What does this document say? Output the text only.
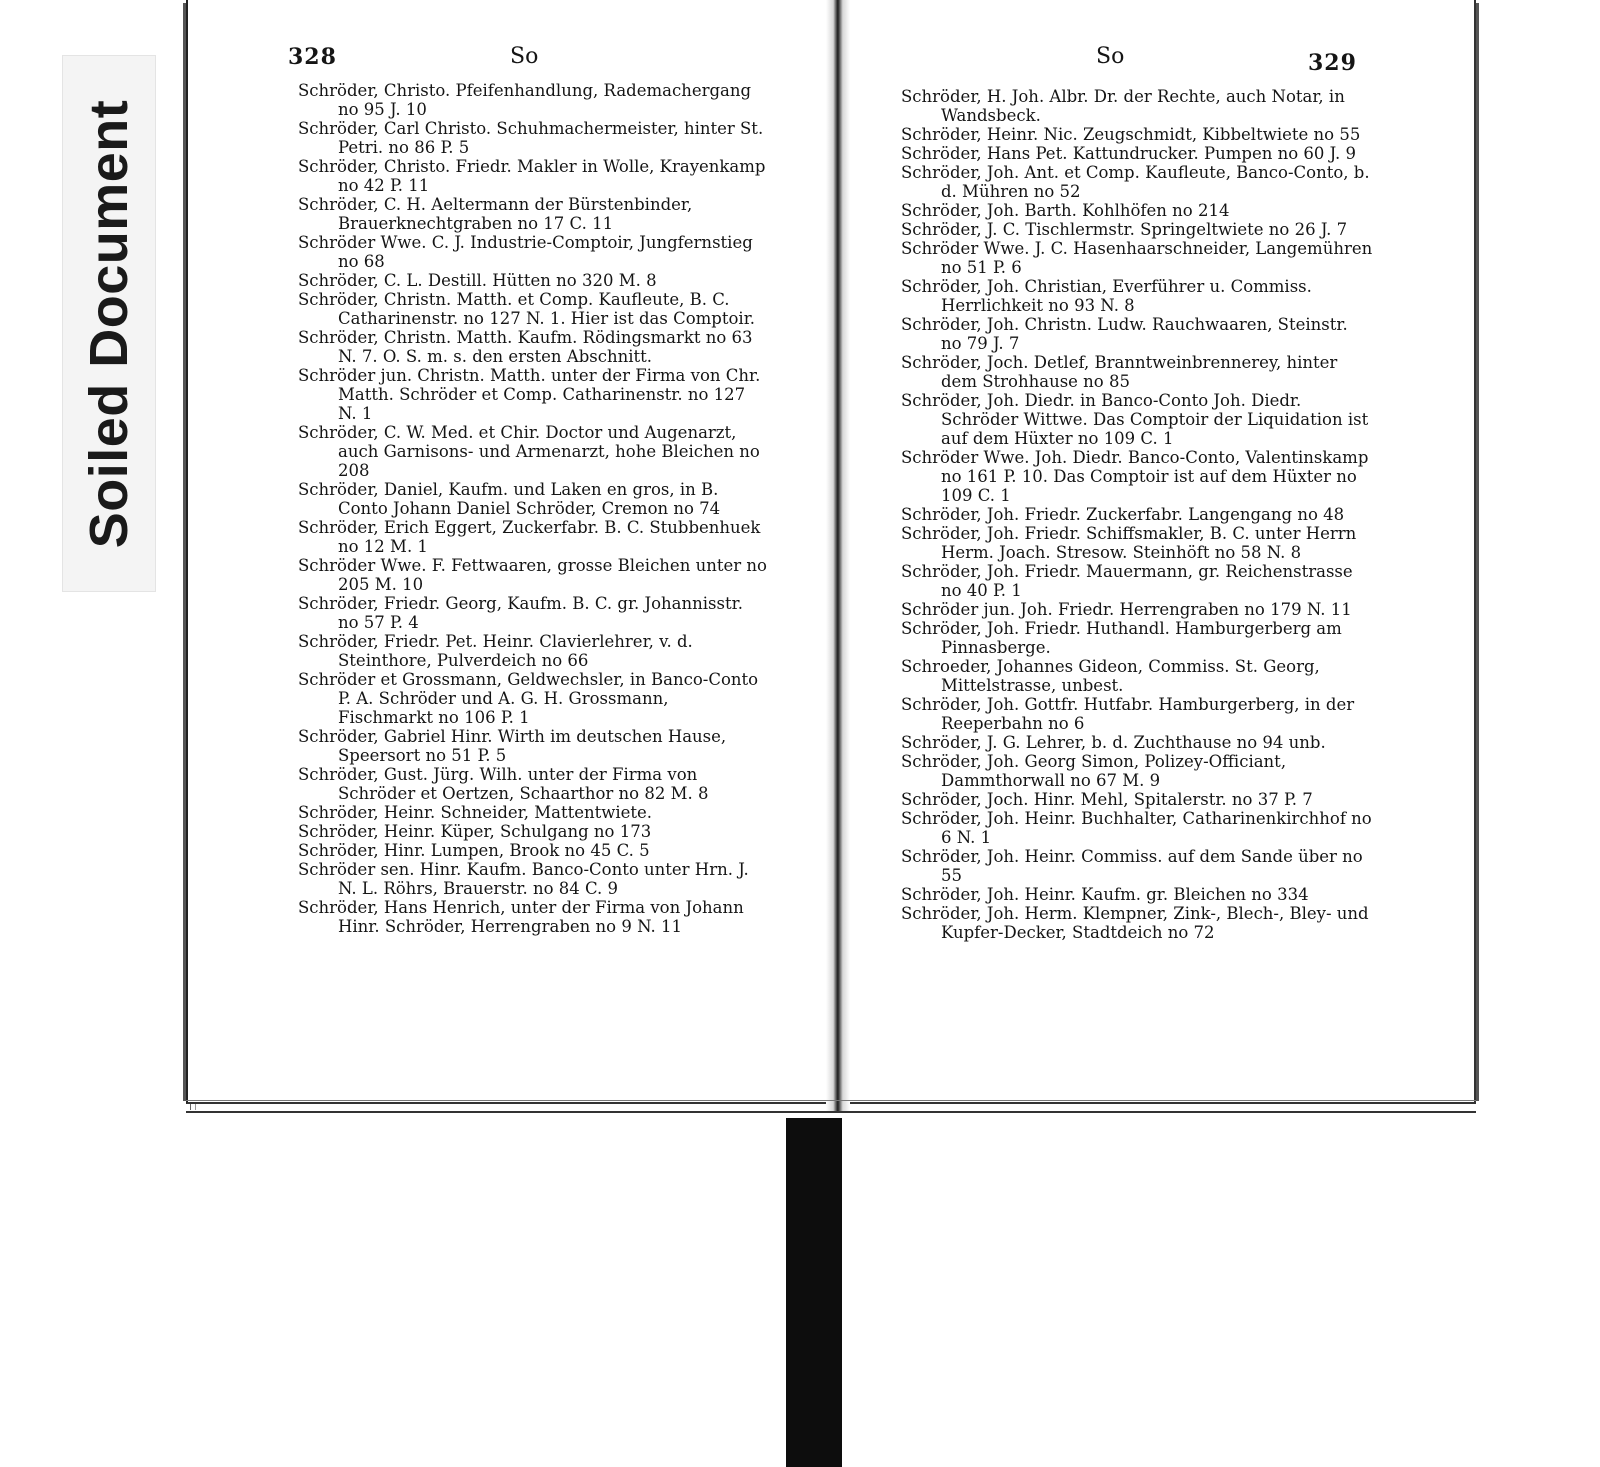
Soiled Document
328	So
Schröder, Christo. Pfeifenhandlung, Rademachergang no 95 J. 10
Schröder, Carl Christo. Schuhmachermeister, hinter St. Petri. no 86 P. 5
Schröder, Christo. Friedr. Makler in Wolle, Krayenkamp no 42 P. 11
Schröder, C. H. Aeltermann der Bürstenbinder, Brauerknechtgraben no 17 C. 11
Schröder Wwe. C. J. Industrie-Comptoir, Jungfernstieg no 68
Schröder, C. L. Destill. Hütten no 320 M. 8
Schröder, Christn. Matth. et Comp. Kaufleute, B. C. Catharinenstr. no 127 N. 1. Hier ist das Comptoir.
Schröder, Christn. Matth. Kaufm. Rödingsmarkt no 63 N. 7. O. S. m. s. den ersten Abschnitt.
Schröder jun. Christn. Matth. unter der Firma von Chr. Matth. Schröder et Comp. Catharinenstr. no 127 N. 1
Schröder, C. W. Med. et Chir. Doctor und Augenarzt, auch Garnisons- und Armenarzt, hohe Bleichen no 208
Schröder, Daniel, Kaufm. und Laken en gros, in B. Conto Johann Daniel Schröder, Cremon no 74
Schröder, Erich Eggert, Zuckerfabr. B. C. Stubbenhuek no 12 M. 1
Schröder Wwe. F. Fettwaaren, grosse Bleichen unter no 205 M. 10
Schröder, Friedr. Georg, Kaufm. B. C. gr. Johannisstr. no 57 P. 4
Schröder, Friedr. Pet. Heinr. Clavierlehrer, v. d. Steinthore, Pulverdeich no 66
Schröder et Grossmann, Geldwechsler, in Banco-Conto P. A. Schröder und A. G. H. Grossmann, Fischmarkt no 106 P. 1
Schröder, Gabriel Hinr. Wirth im deutschen Hause, Speersort no 51 P. 5
Schröder, Gust. Jürg. Wilh. unter der Firma von Schröder et Oertzen, Schaarthor no 82 M. 8
Schröder, Heinr. Schneider, Mattentwiete.
Schröder, Heinr. Küper, Schulgang no 173
Schröder, Hinr. Lumpen, Brook no 45 C. 5
Schröder sen. Hinr. Kaufm. Banco-Conto unter Hrn. J. N. L. Röhrs, Brauerstr. no 84 C. 9
Schröder, Hans Henrich, unter der Firma von Johann Hinr. Schröder, Herrengraben no 9 N. 11
So	329
Schröder, H. Joh. Albr. Dr. der Rechte, auch Notar, in Wandsbeck.
Schröder, Heinr. Nic. Zeugschmidt, Kibbeltwiete no 55
Schröder, Hans Pet. Kattundrucker. Pumpen no 60 J. 9
Schröder, Joh. Ant. et Comp. Kaufleute, Banco-Conto, b. d. Mühren no 52
Schröder, Joh. Barth. Kohlhöfen no 214
Schröder, J. C. Tischlermstr. Springeltwiete no 26 J. 7
Schröder Wwe. J. C. Hasenhaarschneider, Langemühren no 51 P. 6
Schröder, Joh. Christian, Everführer u. Commiss. Herrlichkeit no 93 N. 8
Schröder, Joh. Christn. Ludw. Rauchwaaren, Steinstr. no 79 J. 7
Schröder, Joch. Detlef, Branntweinbrennerey, hinter dem Strohhause no 85
Schröder, Joh. Diedr. in Banco-Conto Joh. Diedr. Schröder Wittwe. Das Comptoir der Liquidation ist auf dem Hüxter no 109 C. 1
Schröder Wwe. Joh. Diedr. Banco-Conto, Valentinskamp no 161 P. 10. Das Comptoir ist auf dem Hüxter no 109 C. 1
Schröder, Joh. Friedr. Zuckerfabr. Langengang no 48
Schröder, Joh. Friedr. Schiffsmakler, B. C. unter Herrn Herm. Joach. Stresow. Steinhöft no 58 N. 8
Schröder, Joh. Friedr. Mauermann, gr. Reichenstrasse no 40 P. 1
Schröder jun. Joh. Friedr. Herrengraben no 179 N. 11
Schröder, Joh. Friedr. Huthandl. Hamburgerberg am Pinnasberge.
Schroeder, Johannes Gideon, Commiss. St. Georg, Mittelstrasse, unbest.
Schröder, Joh. Gottfr. Hutfabr. Hamburgerberg, in der Reeperbahn no 6
Schröder, J. G. Lehrer, b. d. Zuchthause no 94 unb.
Schröder, Joh. Georg Simon, Polizey-Officiant, Dammthorwall no 67 M. 9
Schröder, Joch. Hinr. Mehl, Spitalerstr. no 37 P. 7
Schröder, Joh. Heinr. Buchhalter, Catharinenkirchhof no 6 N. 1
Schröder, Joh. Heinr. Commiss. auf dem Sande über no 55
Schröder, Joh. Heinr. Kaufm. gr. Bleichen no 334
Schröder, Joh. Herm. Klempner, Zink-, Blech-, Bley- und Kupfer-Decker, Stadtdeich no 72
